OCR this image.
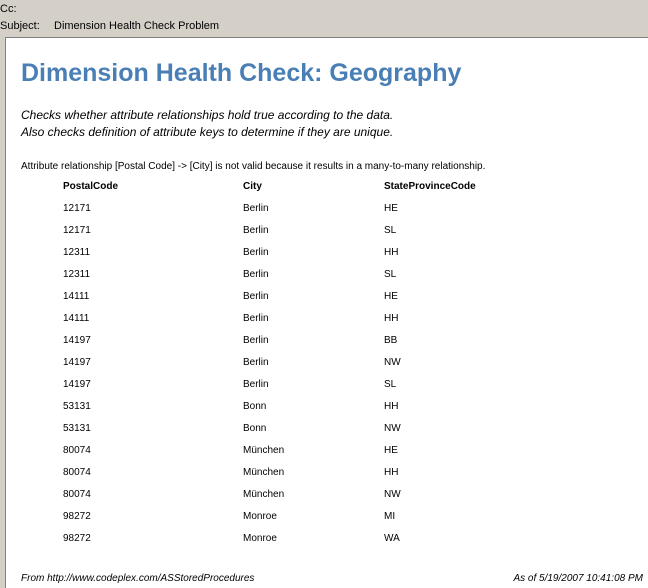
Cc:
Subject: Dimension Health Check Problem
Dimension Health Check: Geography
Checks whether attribute relationships hold true according to the data.
Also checks definition of attribute keys to determine if they are unique.
Attribute relationship [Postal Code] -> [City] is not valid because it results in a many-to-many relationship.
PostalCode	City	StateProvinceCode
12171	Berlin	HE
12171	Berlin	SL
12311	Berlin	HH
12311	Berlin	SL
14111	Berlin	HE
14111	Berlin	HH
14197	Berlin	BB
14197	Berlin	NW
14197	Berlin	SL
53131	Bonn	HH
53131	Bonn	NW
80074	München	HE
80074	München	HH
80074	München	NW
98272	Monroe	MI
98272	Monroe	WA
From http://www.codeplex.com/ASStoredProcedures	As of 5/19/2007 10:41:08 PM
